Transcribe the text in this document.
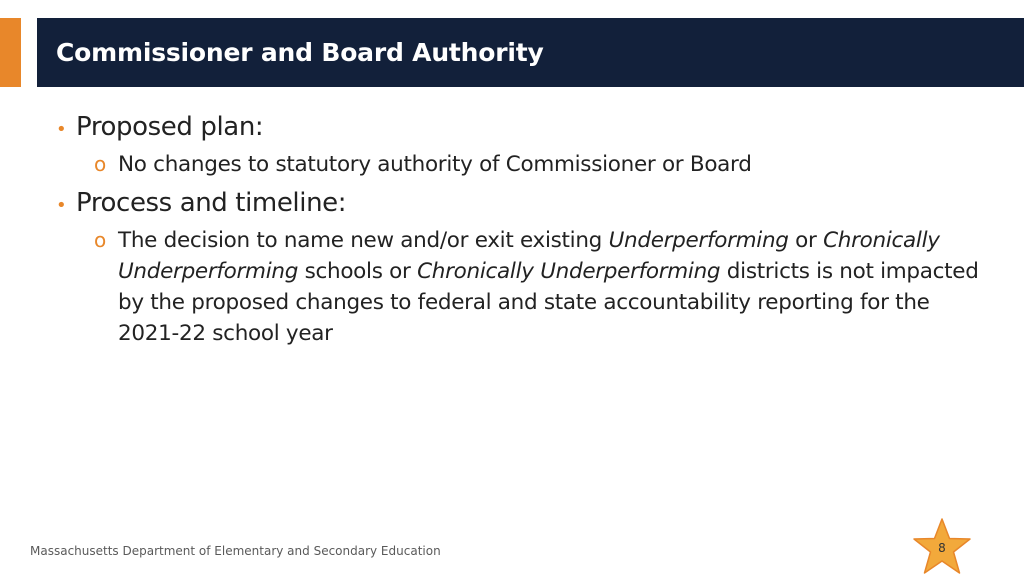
Commissioner and Board Authority
• Proposed plan:
o No changes to statutory authority of Commissioner or Board
• Process and timeline:
o The decision to name new and/or exit existing Underperforming or Chronically Underperforming schools or Chronically Underperforming districts is not impacted by the proposed changes to federal and state accountability reporting for the 2021-22 school year
Massachusetts Department of Elementary and Secondary Education	8
